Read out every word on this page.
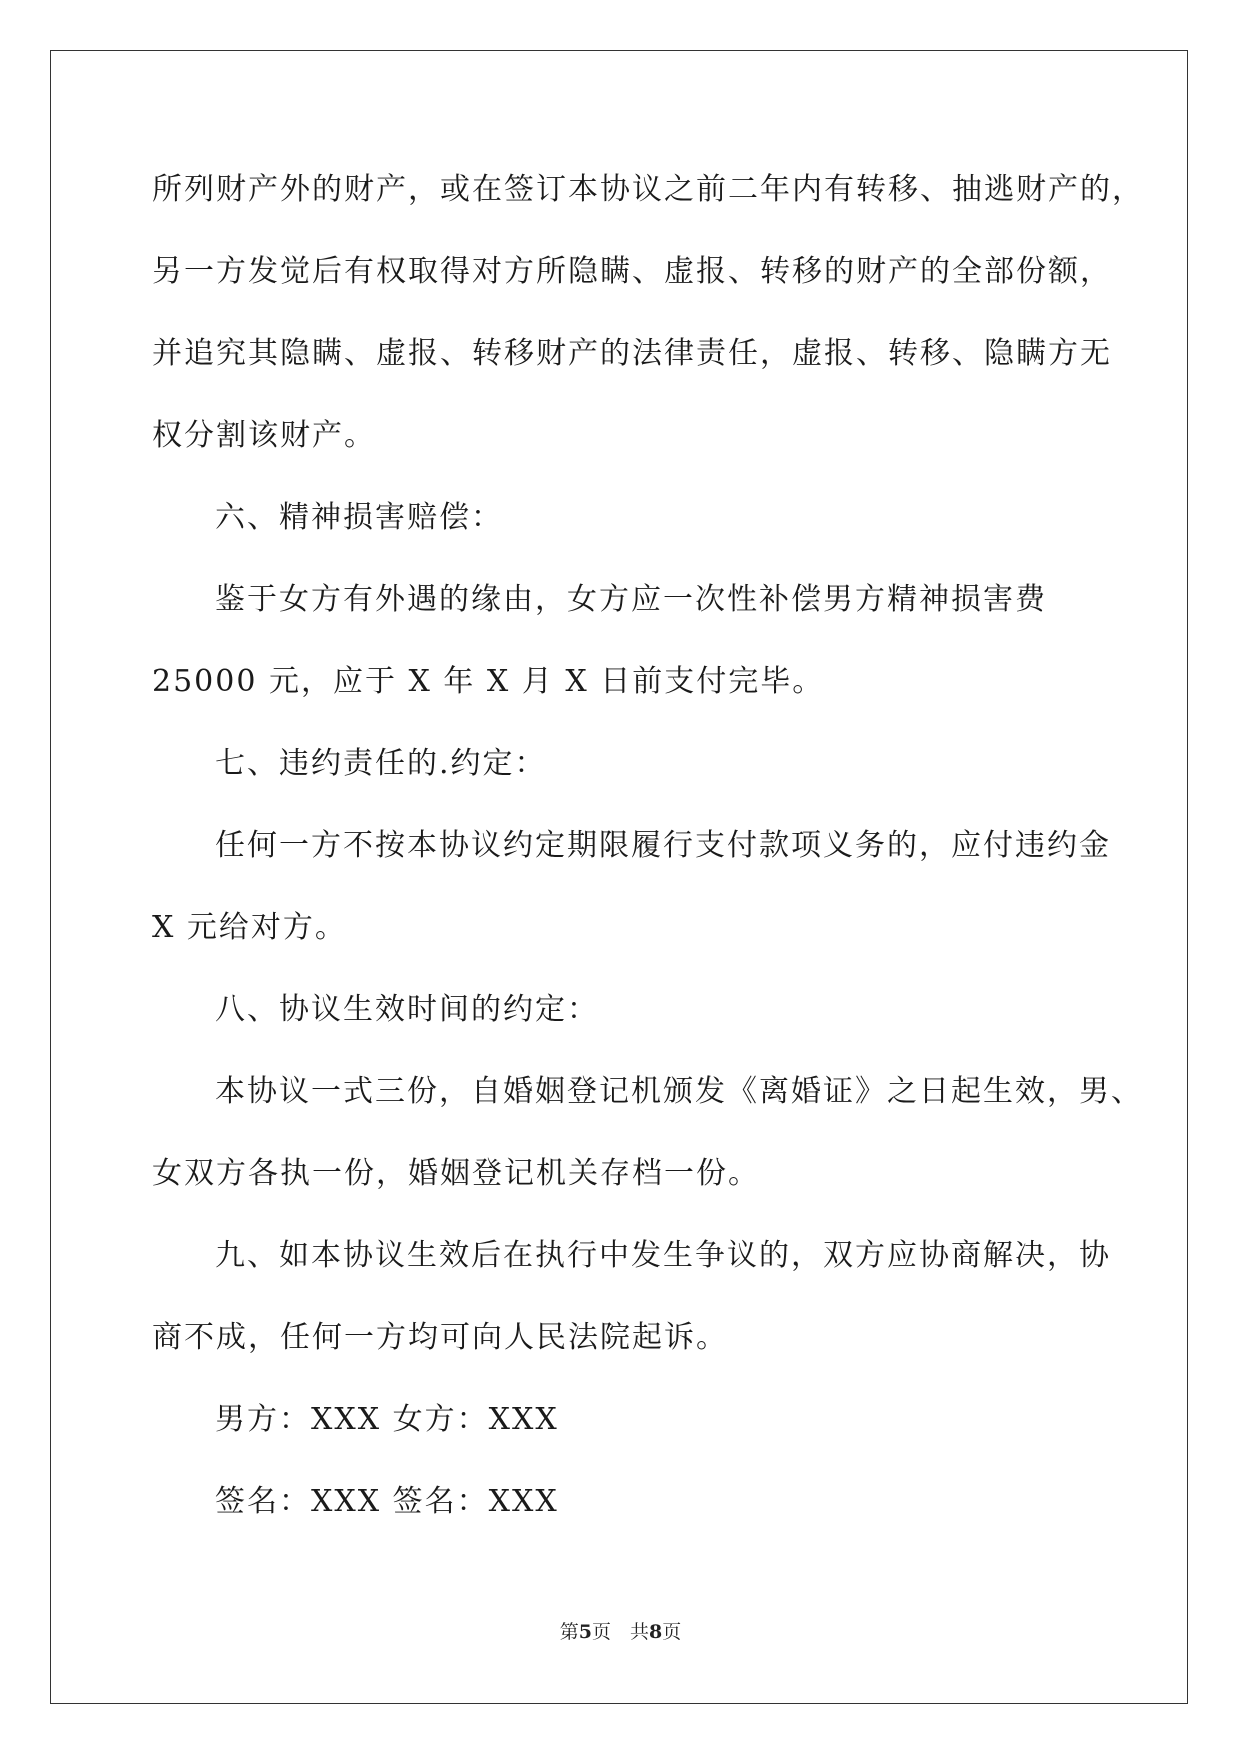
所列财产外的财产，或在签订本协议之前二年内有转移、抽逃财产的，
另一方发觉后有权取得对方所隐瞒、虚报、转移的财产的全部份额，
并追究其隐瞒、虚报、转移财产的法律责任，虚报、转移、隐瞒方无
权分割该财产。
六、精神损害赔偿：
鉴于女方有外遇的缘由，女方应一次性补偿男方精神损害费
25000 元，应于 X 年 X 月 X 日前支付完毕。
七、违约责任的.约定：
任何一方不按本协议约定期限履行支付款项义务的，应付违约金
X 元给对方。
八、协议生效时间的约定：
本协议一式三份，自婚姻登记机颁发《离婚证》之日起生效，男、
女双方各执一份，婚姻登记机关存档一份。
九、如本协议生效后在执行中发生争议的，双方应协商解决，协
商不成，任何一方均可向人民法院起诉。
男方：XXX 女方：XXX
签名：XXX 签名：XXX
第5页　共8页
